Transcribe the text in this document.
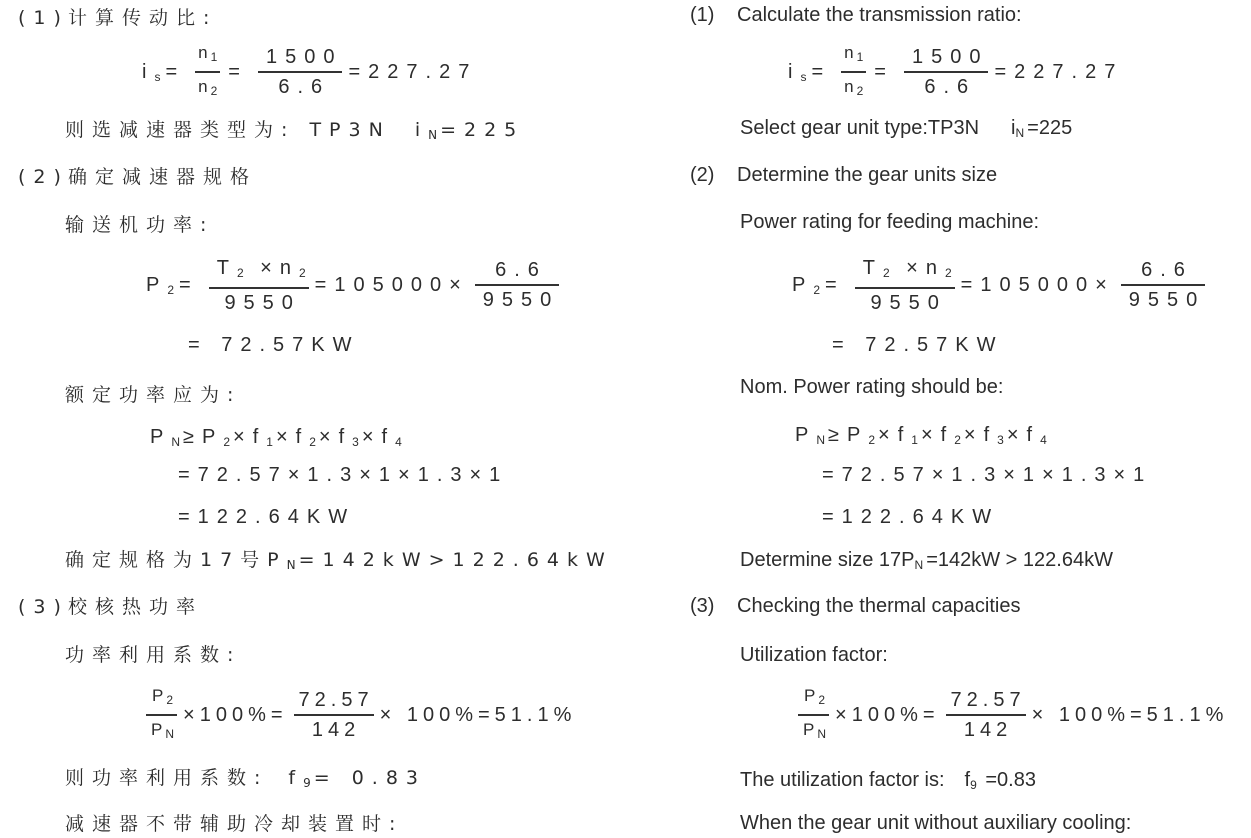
(1) 计算传动比:
is = $\frac{n1}{n2} = \frac{1500}{6.6} =227.27$
则选减速器类型为: TP3N iN=225
(2) 确定减速器规格
输送机功率:
$P2 = \frac{T2 \times n2}{9550} =105000\times \frac{6.6}{9550}$
= 72.57KW
额定功率应为:
PN≥P2×f1×f2×f3×f4
=72.57×1.3×1×1.3×1
=122.64KW
确定规格为17号PN=142kW>122.64kW
(3) 校核热功率
功率利用系数:
$\frac{P2}{PN} \times 100\%= \frac{72.57}{142} \times 100\%=51.1\%$
则功率利用系数: f9= 0.83
减速器不带辅助冷却装置时:
(1) Calculate the transmission ratio:
is = $\frac{n1}{n2} = \frac{1500}{6.6} =227.27$
Select gear unit type:TP3N iN=225
(2) Determine the gear units size
Power rating for feeding machine:
$P2 = \frac{T2 \times n2}{9550} =105000\times \frac{6.6}{9550}$
= 72.57KW
Nom. Power rating should be:
PN≥P2×f1×f2×f3×f4
=72.57×1.3×1×1.3×1
=122.64KW
Determine size 17PN=142kW > 122.64kW
(3) Checking the thermal capacities
Utilization factor:
$\frac{P2}{PN} \times 100\%= \frac{72.57}{142} \times 100\%=51.1\%$
The utilization factor is: f9 =0.83
When the gear unit without auxiliary cooling:
